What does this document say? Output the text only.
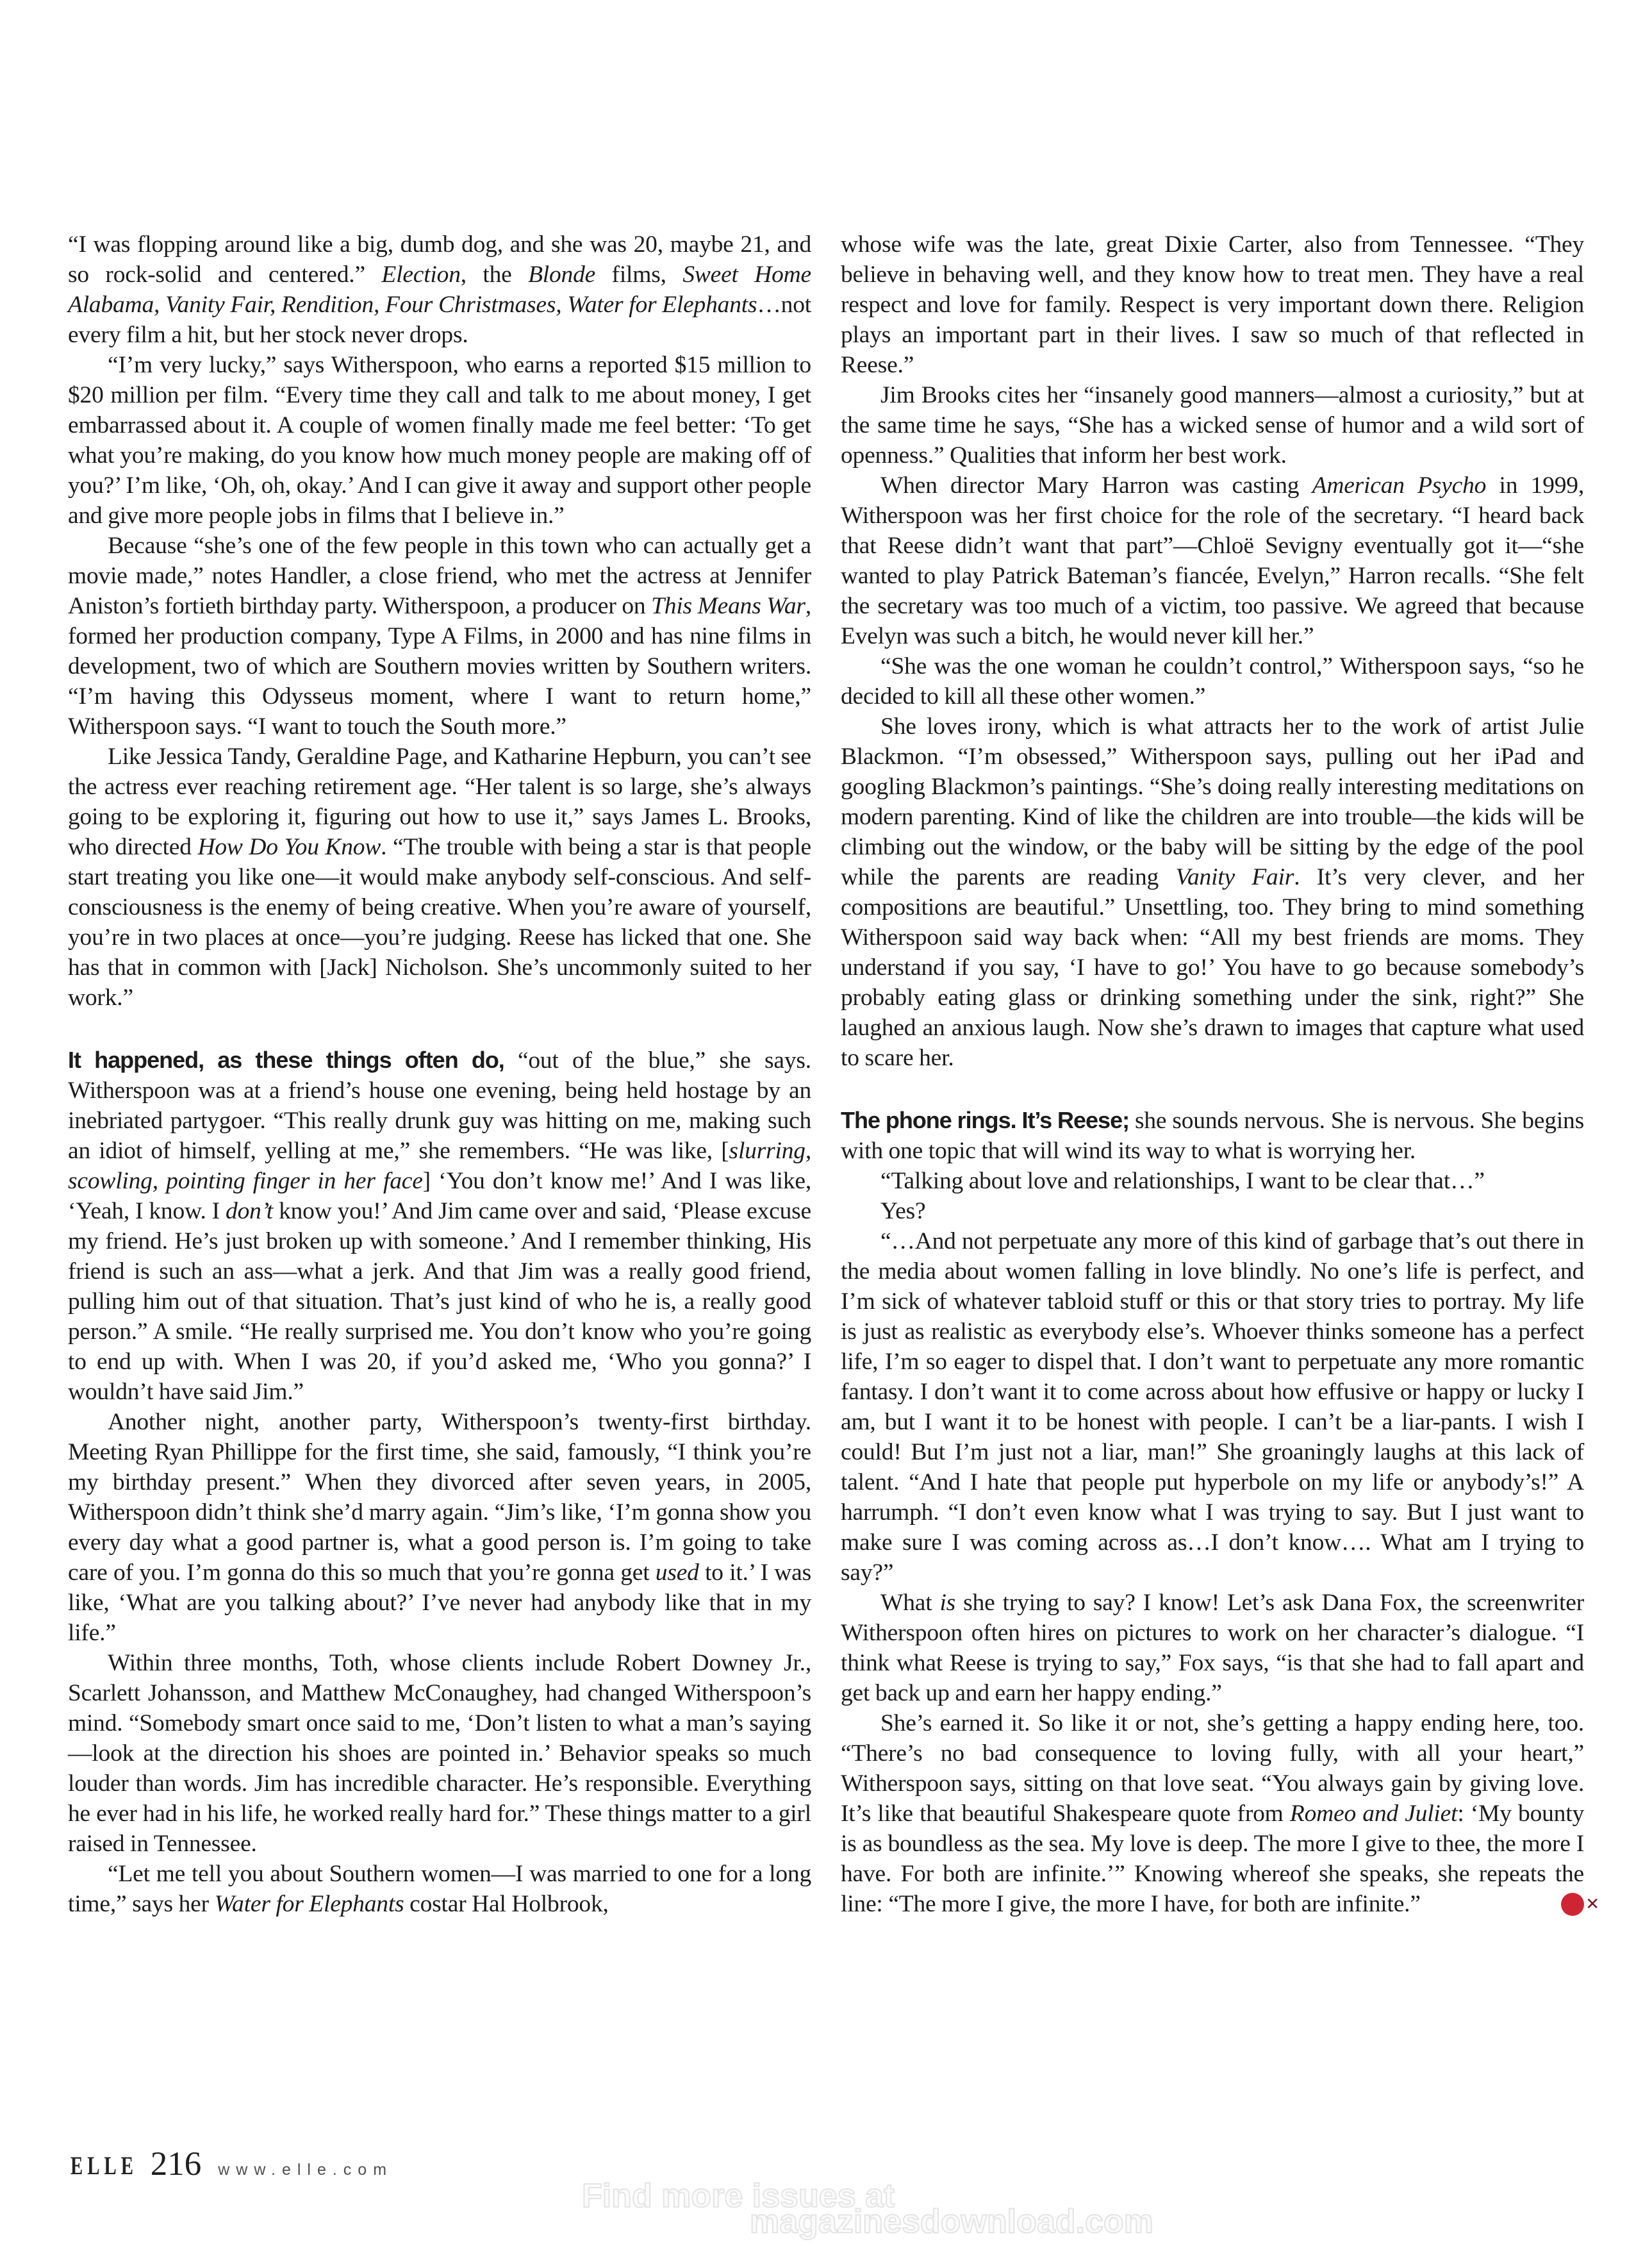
“I was flopping around like a big, dumb dog, and she was 20, maybe 21, and so rock-solid and centered.” Election, the Blonde films, Sweet Home Alabama, Vanity Fair, Rendition, Four Christmases, Water for Elephants…not every film a hit, but her stock never drops.

“I’m very lucky,” says Witherspoon, who earns a reported $15 million to $20 million per film. “Every time they call and talk to me about money, I get embarrassed about it. A couple of women finally made me feel better: ‘To get what you’re making, do you know how much money people are making off of you?’ I’m like, ‘Oh, oh, okay.’ And I can give it away and support other people and give more people jobs in films that I believe in.”

Because “she’s one of the few people in this town who can actually get a movie made,” notes Handler, a close friend, who met the actress at Jennifer Aniston’s fortieth birthday party. Witherspoon, a producer on This Means War, formed her production company, Type A Films, in 2000 and has nine films in development, two of which are Southern movies written by Southern writers. “I’m having this Odysseus moment, where I want to return home,” Witherspoon says. “I want to touch the South more.”

Like Jessica Tandy, Geraldine Page, and Katharine Hepburn, you can’t see the actress ever reaching retirement age. “Her talent is so large, she’s always going to be exploring it, figuring out how to use it,” says James L. Brooks, who directed How Do You Know. “The trouble with being a star is that people start treating you like one—it would make anybody self-conscious. And self-consciousness is the enemy of being creative. When you’re aware of yourself, you’re in two places at once—you’re judging. Reese has licked that one. She has that in common with [Jack] Nicholson. She’s uncommonly suited to her work.”

It happened, as these things often do, “out of the blue,” she says. Witherspoon was at a friend’s house one evening, being held hostage by an inebriated partygoer. “This really drunk guy was hitting on me, making such an idiot of himself, yelling at me,” she remembers. “He was like, [slurring, scowling, pointing finger in her face] ‘You don’t know me!’ And I was like, ‘Yeah, I know. I don’t know you!’ And Jim came over and said, ‘Please excuse my friend. He’s just broken up with someone.’ And I remember thinking, His friend is such an ass—what a jerk. And that Jim was a really good friend, pulling him out of that situation. That’s just kind of who he is, a really good person.” A smile. “He really surprised me. You don’t know who you’re going to end up with. When I was 20, if you’d asked me, ‘Who you gonna?’ I wouldn’t have said Jim.”

Another night, another party, Witherspoon’s twenty-first birthday. Meeting Ryan Phillippe for the first time, she said, famously, “I think you’re my birthday present.” When they divorced after seven years, in 2005, Witherspoon didn’t think she’d marry again. “Jim’s like, ‘I’m gonna show you every day what a good partner is, what a good person is. I’m going to take care of you. I’m gonna do this so much that you’re gonna get used to it.’ I was like, ‘What are you talking about?’ I’ve never had anybody like that in my life.”

Within three months, Toth, whose clients include Robert Downey Jr., Scarlett Johansson, and Matthew McConaughey, had changed Witherspoon’s mind. “Somebody smart once said to me, ‘Don’t listen to what a man’s saying—look at the direction his shoes are pointed in.’ Behavior speaks so much louder than words. Jim has incredible character. He’s responsible. Everything he ever had in his life, he worked really hard for.” These things matter to a girl raised in Tennessee.

“Let me tell you about Southern women—I was married to one for a long time,” says her Water for Elephants costar Hal Holbrook,

whose wife was the late, great Dixie Carter, also from Tennessee. “They believe in behaving well, and they know how to treat men. They have a real respect and love for family. Respect is very important down there. Religion plays an important part in their lives. I saw so much of that reflected in Reese.”

Jim Brooks cites her “insanely good manners—almost a curiosity,” but at the same time he says, “She has a wicked sense of humor and a wild sort of openness.” Qualities that inform her best work.

When director Mary Harron was casting American Psycho in 1999, Witherspoon was her first choice for the role of the secretary. “I heard back that Reese didn’t want that part”—Chloë Sevigny eventually got it—“she wanted to play Patrick Bateman’s fiancée, Evelyn,” Harron recalls. “She felt the secretary was too much of a victim, too passive. We agreed that because Evelyn was such a bitch, he would never kill her.”

“She was the one woman he couldn’t control,” Witherspoon says, “so he decided to kill all these other women.”

She loves irony, which is what attracts her to the work of artist Julie Blackmon. “I’m obsessed,” Witherspoon says, pulling out her iPad and googling Blackmon’s paintings. “She’s doing really interesting meditations on modern parenting. Kind of like the children are into trouble—the kids will be climbing out the window, or the baby will be sitting by the edge of the pool while the parents are reading Vanity Fair. It’s very clever, and her compositions are beautiful.” Unsettling, too. They bring to mind something Witherspoon said way back when: “All my best friends are moms. They understand if you say, ‘I have to go!’ You have to go because somebody’s probably eating glass or drinking something under the sink, right?” She laughed an anxious laugh. Now she’s drawn to images that capture what used to scare her.

The phone rings. It’s Reese; she sounds nervous. She is nervous. She begins with one topic that will wind its way to what is worrying her.

“Talking about love and relationships, I want to be clear that…”

Yes?

“…And not perpetuate any more of this kind of garbage that’s out there in the media about women falling in love blindly. No one’s life is perfect, and I’m sick of whatever tabloid stuff or this or that story tries to portray. My life is just as realistic as everybody else’s. Whoever thinks someone has a perfect life, I’m so eager to dispel that. I don’t want to perpetuate any more romantic fantasy. I don’t want it to come across about how effusive or happy or lucky I am, but I want it to be honest with people. I can’t be a liar-pants. I wish I could! But I’m just not a liar, man!” She groaningly laughs at this lack of talent. “And I hate that people put hyperbole on my life or anybody’s!” A harrumph. “I don’t even know what I was trying to say. But I just want to make sure I was coming across as…I don’t know…. What am I trying to say?”

What is she trying to say? I know! Let’s ask Dana Fox, the screenwriter Witherspoon often hires on pictures to work on her character’s dialogue. “I think what Reese is trying to say,” Fox says, “is that she had to fall apart and get back up and earn her happy ending.”

She’s earned it. So like it or not, she’s getting a happy ending here, too. “There’s no bad consequence to loving fully, with all your heart,” Witherspoon says, sitting on that love seat. “You always gain by giving love. It’s like that beautiful Shakespeare quote from Romeo and Juliet: ‘My bounty is as boundless as the sea. My love is deep. The more I give to thee, the more I have. For both are infinite.’” Knowing whereof she speaks, she repeats the line: “The more I give, the more I have, for both are infinite.”	✕

ELLE 216 www.elle.com
Find more issues at
magazinesdownload.com
